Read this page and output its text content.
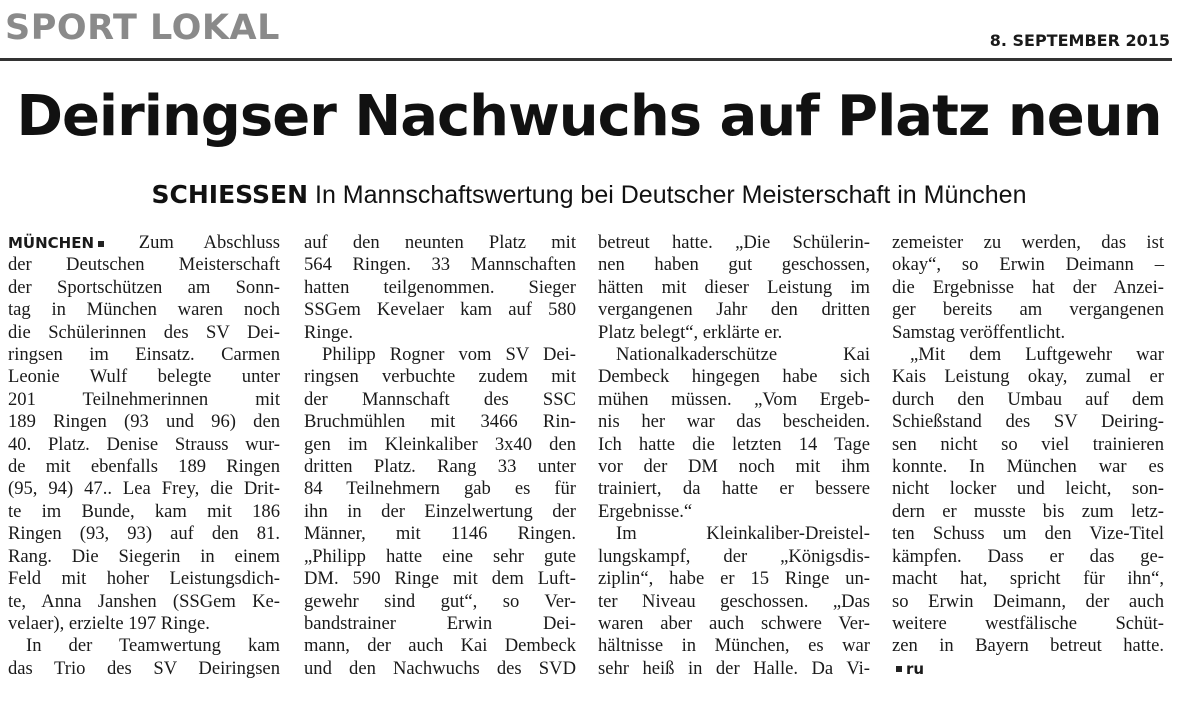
SPORT LOKAL	8. SEPTEMBER 2015
Deiringser Nachwuchs auf Platz neun
SCHIESSEN In Mannschaftswertung bei Deutscher Meisterschaft in München
MÜNCHEN Zum Abschluss
der Deutschen Meisterschaft
der Sportschützen am Sonn-
tag in München waren noch
die Schülerinnen des SV Dei-
ringsen im Einsatz. Carmen
Leonie Wulf belegte unter
201 Teilnehmerinnen mit
189 Ringen (93 und 96) den
40. Platz. Denise Strauss wur-
de mit ebenfalls 189 Ringen
(95, 94) 47.. Lea Frey, die Drit-
te im Bunde, kam mit 186
Ringen (93, 93) auf den 81.
Rang. Die Siegerin in einem
Feld mit hoher Leistungsdich-
te, Anna Janshen (SSGem Ke-
velaer), erzielte 197 Ringe.
In der Teamwertung kam
das Trio des SV Deiringsen
auf den neunten Platz mit
564 Ringen. 33 Mannschaften
hatten teilgenommen. Sieger
SSGem Kevelaer kam auf 580
Ringe.
Philipp Rogner vom SV Dei-
ringsen verbuchte zudem mit
der Mannschaft des SSC
Bruchmühlen mit 3466 Rin-
gen im Kleinkaliber 3x40 den
dritten Platz. Rang 33 unter
84 Teilnehmern gab es für
ihn in der Einzelwertung der
Männer, mit 1146 Ringen.
„Philipp hatte eine sehr gute
DM. 590 Ringe mit dem Luft-
gewehr sind gut“, so Ver-
bandstrainer Erwin Dei-
mann, der auch Kai Dembeck
und den Nachwuchs des SVD
betreut hatte. „Die Schülerin-
nen haben gut geschossen,
hätten mit dieser Leistung im
vergangenen Jahr den dritten
Platz belegt“, erklärte er.
Nationalkaderschütze Kai
Dembeck hingegen habe sich
mühen müssen. „Vom Ergeb-
nis her war das bescheiden.
Ich hatte die letzten 14 Tage
vor der DM noch mit ihm
trainiert, da hatte er bessere
Ergebnisse.“
Im Kleinkaliber-Dreistel-
lungskampf, der „Königsdis-
ziplin“, habe er 15 Ringe un-
ter Niveau geschossen. „Das
waren aber auch schwere Ver-
hältnisse in München, es war
sehr heiß in der Halle. Da Vi-
zemeister zu werden, das ist
okay“, so Erwin Deimann –
die Ergebnisse hat der Anzei-
ger bereits am vergangenen
Samstag veröffentlicht.
„Mit dem Luftgewehr war
Kais Leistung okay, zumal er
durch den Umbau auf dem
Schießstand des SV Deiring-
sen nicht so viel trainieren
konnte. In München war es
nicht locker und leicht, son-
dern er musste bis zum letz-
ten Schuss um den Vize-Titel
kämpfen. Dass er das ge-
macht hat, spricht für ihn“,
so Erwin Deimann, der auch
weitere westfälische Schüt-
zen in Bayern betreut hatte.
ru
